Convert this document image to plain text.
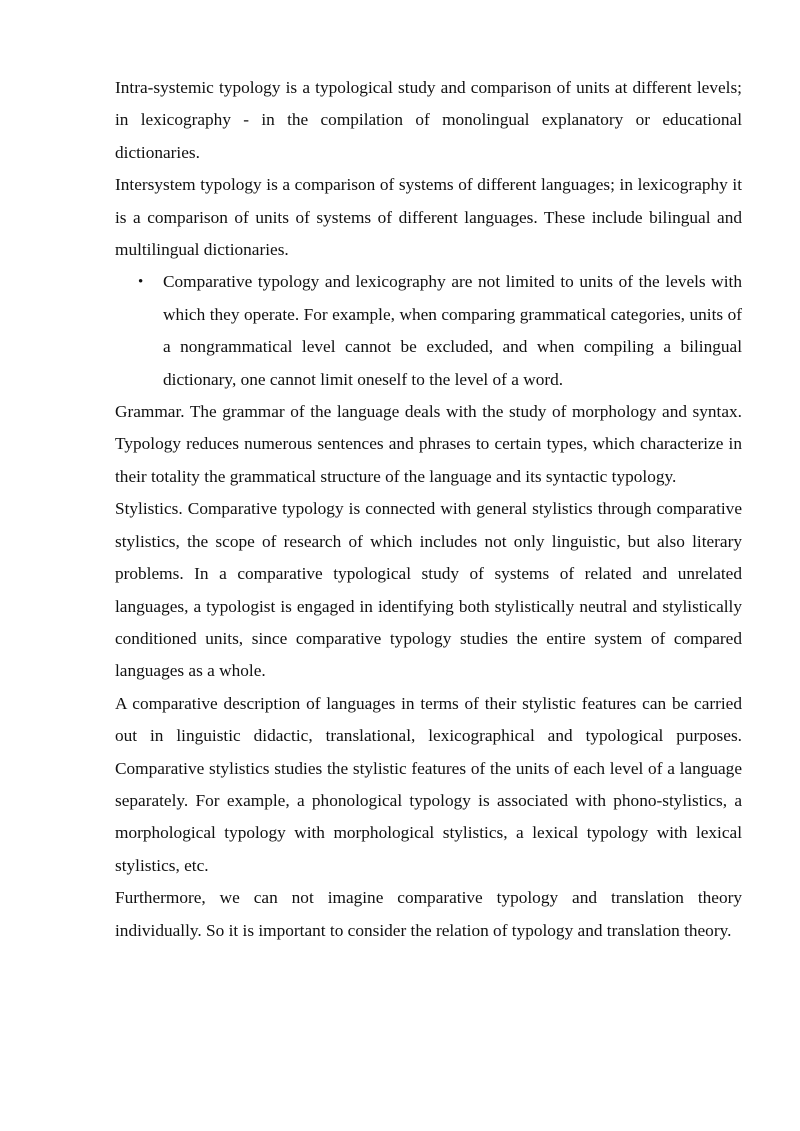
Intra-systemic typology is a typological study and comparison of units at different levels; in lexicography - in the compilation of monolingual explanatory or educational dictionaries.

Intersystem typology is a comparison of systems of different languages; in lexicography it is a comparison of units of systems of different languages. These include bilingual and multilingual dictionaries.

• Comparative typology and lexicography are not limited to units of the levels with which they operate. For example, when comparing grammatical categories, units of a nongrammatical level cannot be excluded, and when compiling a bilingual dictionary, one cannot limit oneself to the level of a word.

Grammar. The grammar of the language deals with the study of morphology and syntax. Typology reduces numerous sentences and phrases to certain types, which characterize in their totality the grammatical structure of the language and its syntactic typology.

Stylistics. Comparative typology is connected with general stylistics through comparative stylistics, the scope of research of which includes not only linguistic, but also literary problems. In a comparative typological study of systems of related and unrelated languages, a typologist is engaged in identifying both stylistically neutral and stylistically conditioned units, since comparative typology studies the entire system of compared languages as a whole.

A comparative description of languages in terms of their stylistic features can be carried out in linguistic didactic, translational, lexicographical and typological purposes. Comparative stylistics studies the stylistic features of the units of each level of a language separately. For example, a phonological typology is associated with phono-stylistics, a morphological typology with morphological stylistics, a lexical typology with lexical stylistics, etc.

Furthermore, we can not imagine comparative typology and translation theory individually. So it is important to consider the relation of typology and translation theory.
